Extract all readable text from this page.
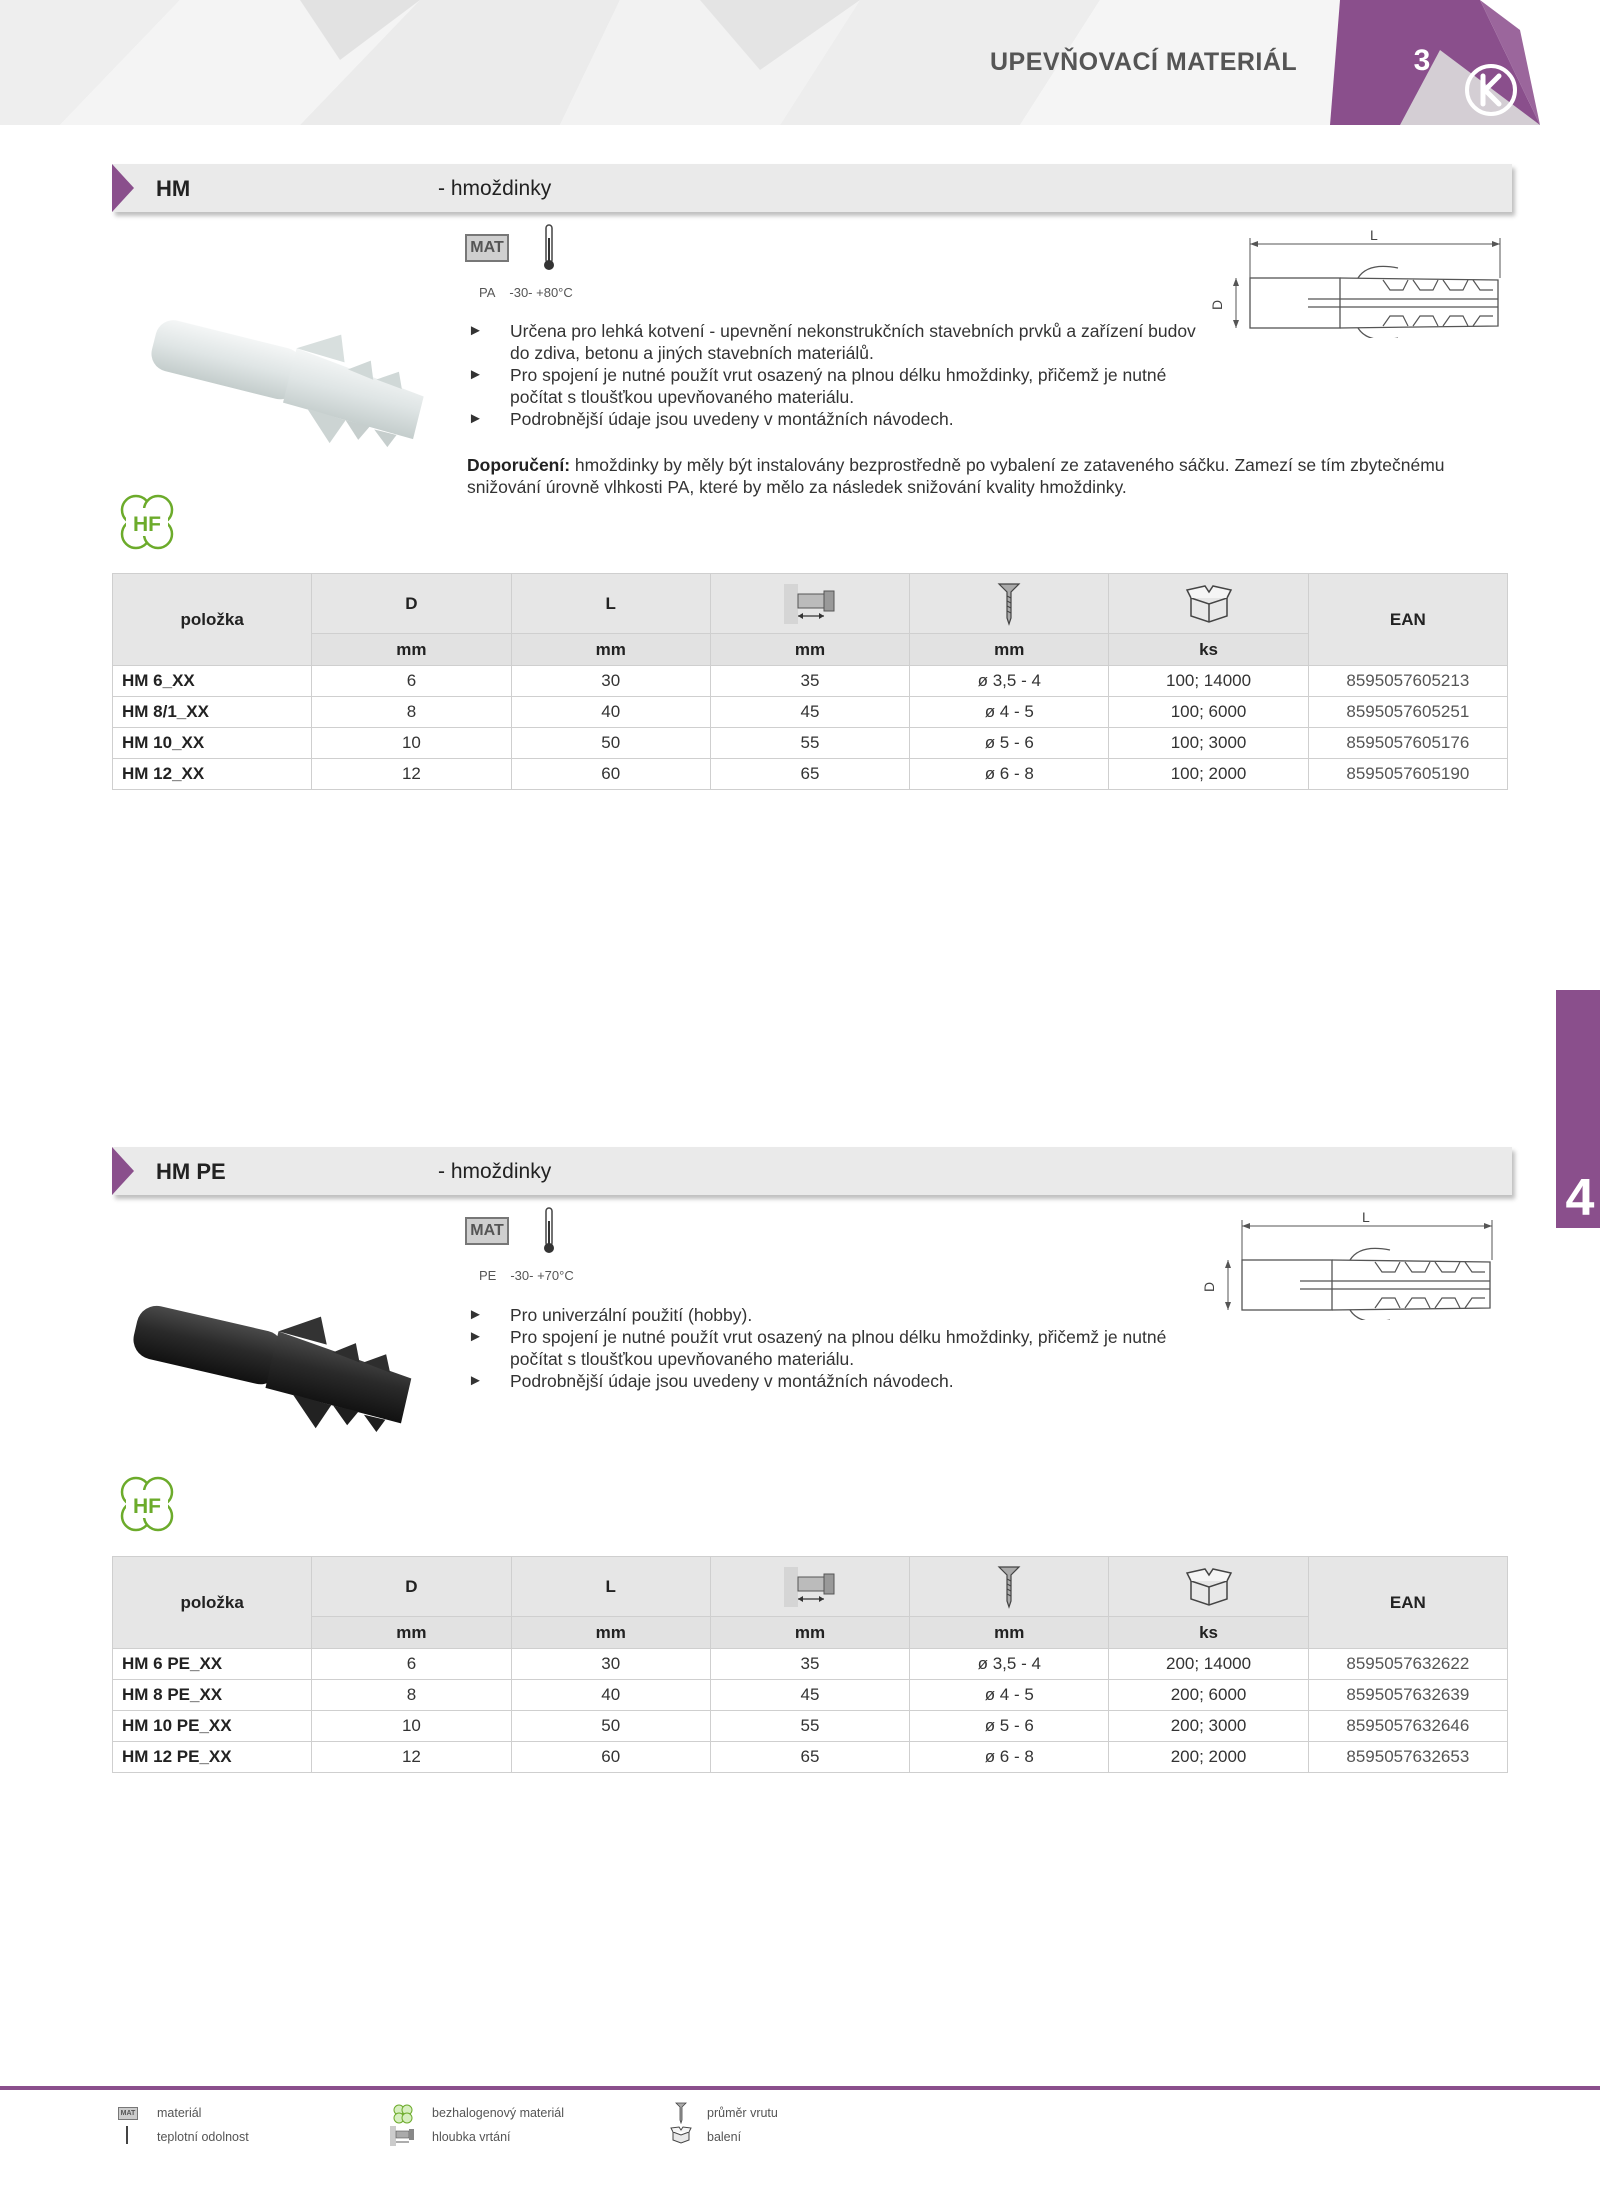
UPEVŇOVACÍ MATERIÁL	3
4
HM	- hmoždinky
MAT
PA -30- +80°C
► Určena pro lehká kotvení - upevnění nekonstrukčních stavebních prvků a zařízení budov do zdiva, betonu a jiných stavebních materiálů.
► Pro spojení je nutné použít vrut osazený na plnou délku hmoždinky, přičemž je nutné počítat s tloušťkou upevňovaného materiálu.
► Podrobnější údaje jsou uvedeny v montážních návodech.
Doporučení: hmoždinky by měly být instalovány bezprostředně po vybalení ze zataveného sáčku. Zamezí se tím zbytečnému snižování úrovně vlhkosti PA, které by mělo za následek snižování kvality hmoždinky.
L
D
HF
položka	D	L				EAN
	mm	mm	mm	mm	ks	
HM 6_XX	6	30	35	ø 3,5 - 4	100; 14000	8595057605213
HM 8/1_XX	8	40	45	ø 4 - 5	100; 6000	8595057605251
HM 10_XX	10	50	55	ø 5 - 6	100; 3000	8595057605176
HM 12_XX	12	60	65	ø 6 - 8	100; 2000	8595057605190
HM PE	- hmoždinky
MAT
PE -30- +70°C
► Pro univerzální použití (hobby).
► Pro spojení je nutné použít vrut osazený na plnou délku hmoždinky, přičemž je nutné počítat s tloušťkou upevňovaného materiálu.
► Podrobnější údaje jsou uvedeny v montážních návodech.
L
D
HF
položka	D	L				EAN
	mm	mm	mm	mm	ks	
HM 6 PE_XX	6	30	35	ø 3,5 - 4	200; 14000	8595057632622
HM 8 PE_XX	8	40	45	ø 4 - 5	200; 6000	8595057632639
HM 10 PE_XX	10	50	55	ø 5 - 6	200; 3000	8595057632646
HM 12 PE_XX	12	60	65	ø 6 - 8	200; 2000	8595057632653
MAT materiál
teplotní odolnost
bezhalogenový materiál
hloubka vrtání
průměr vrutu
balení
